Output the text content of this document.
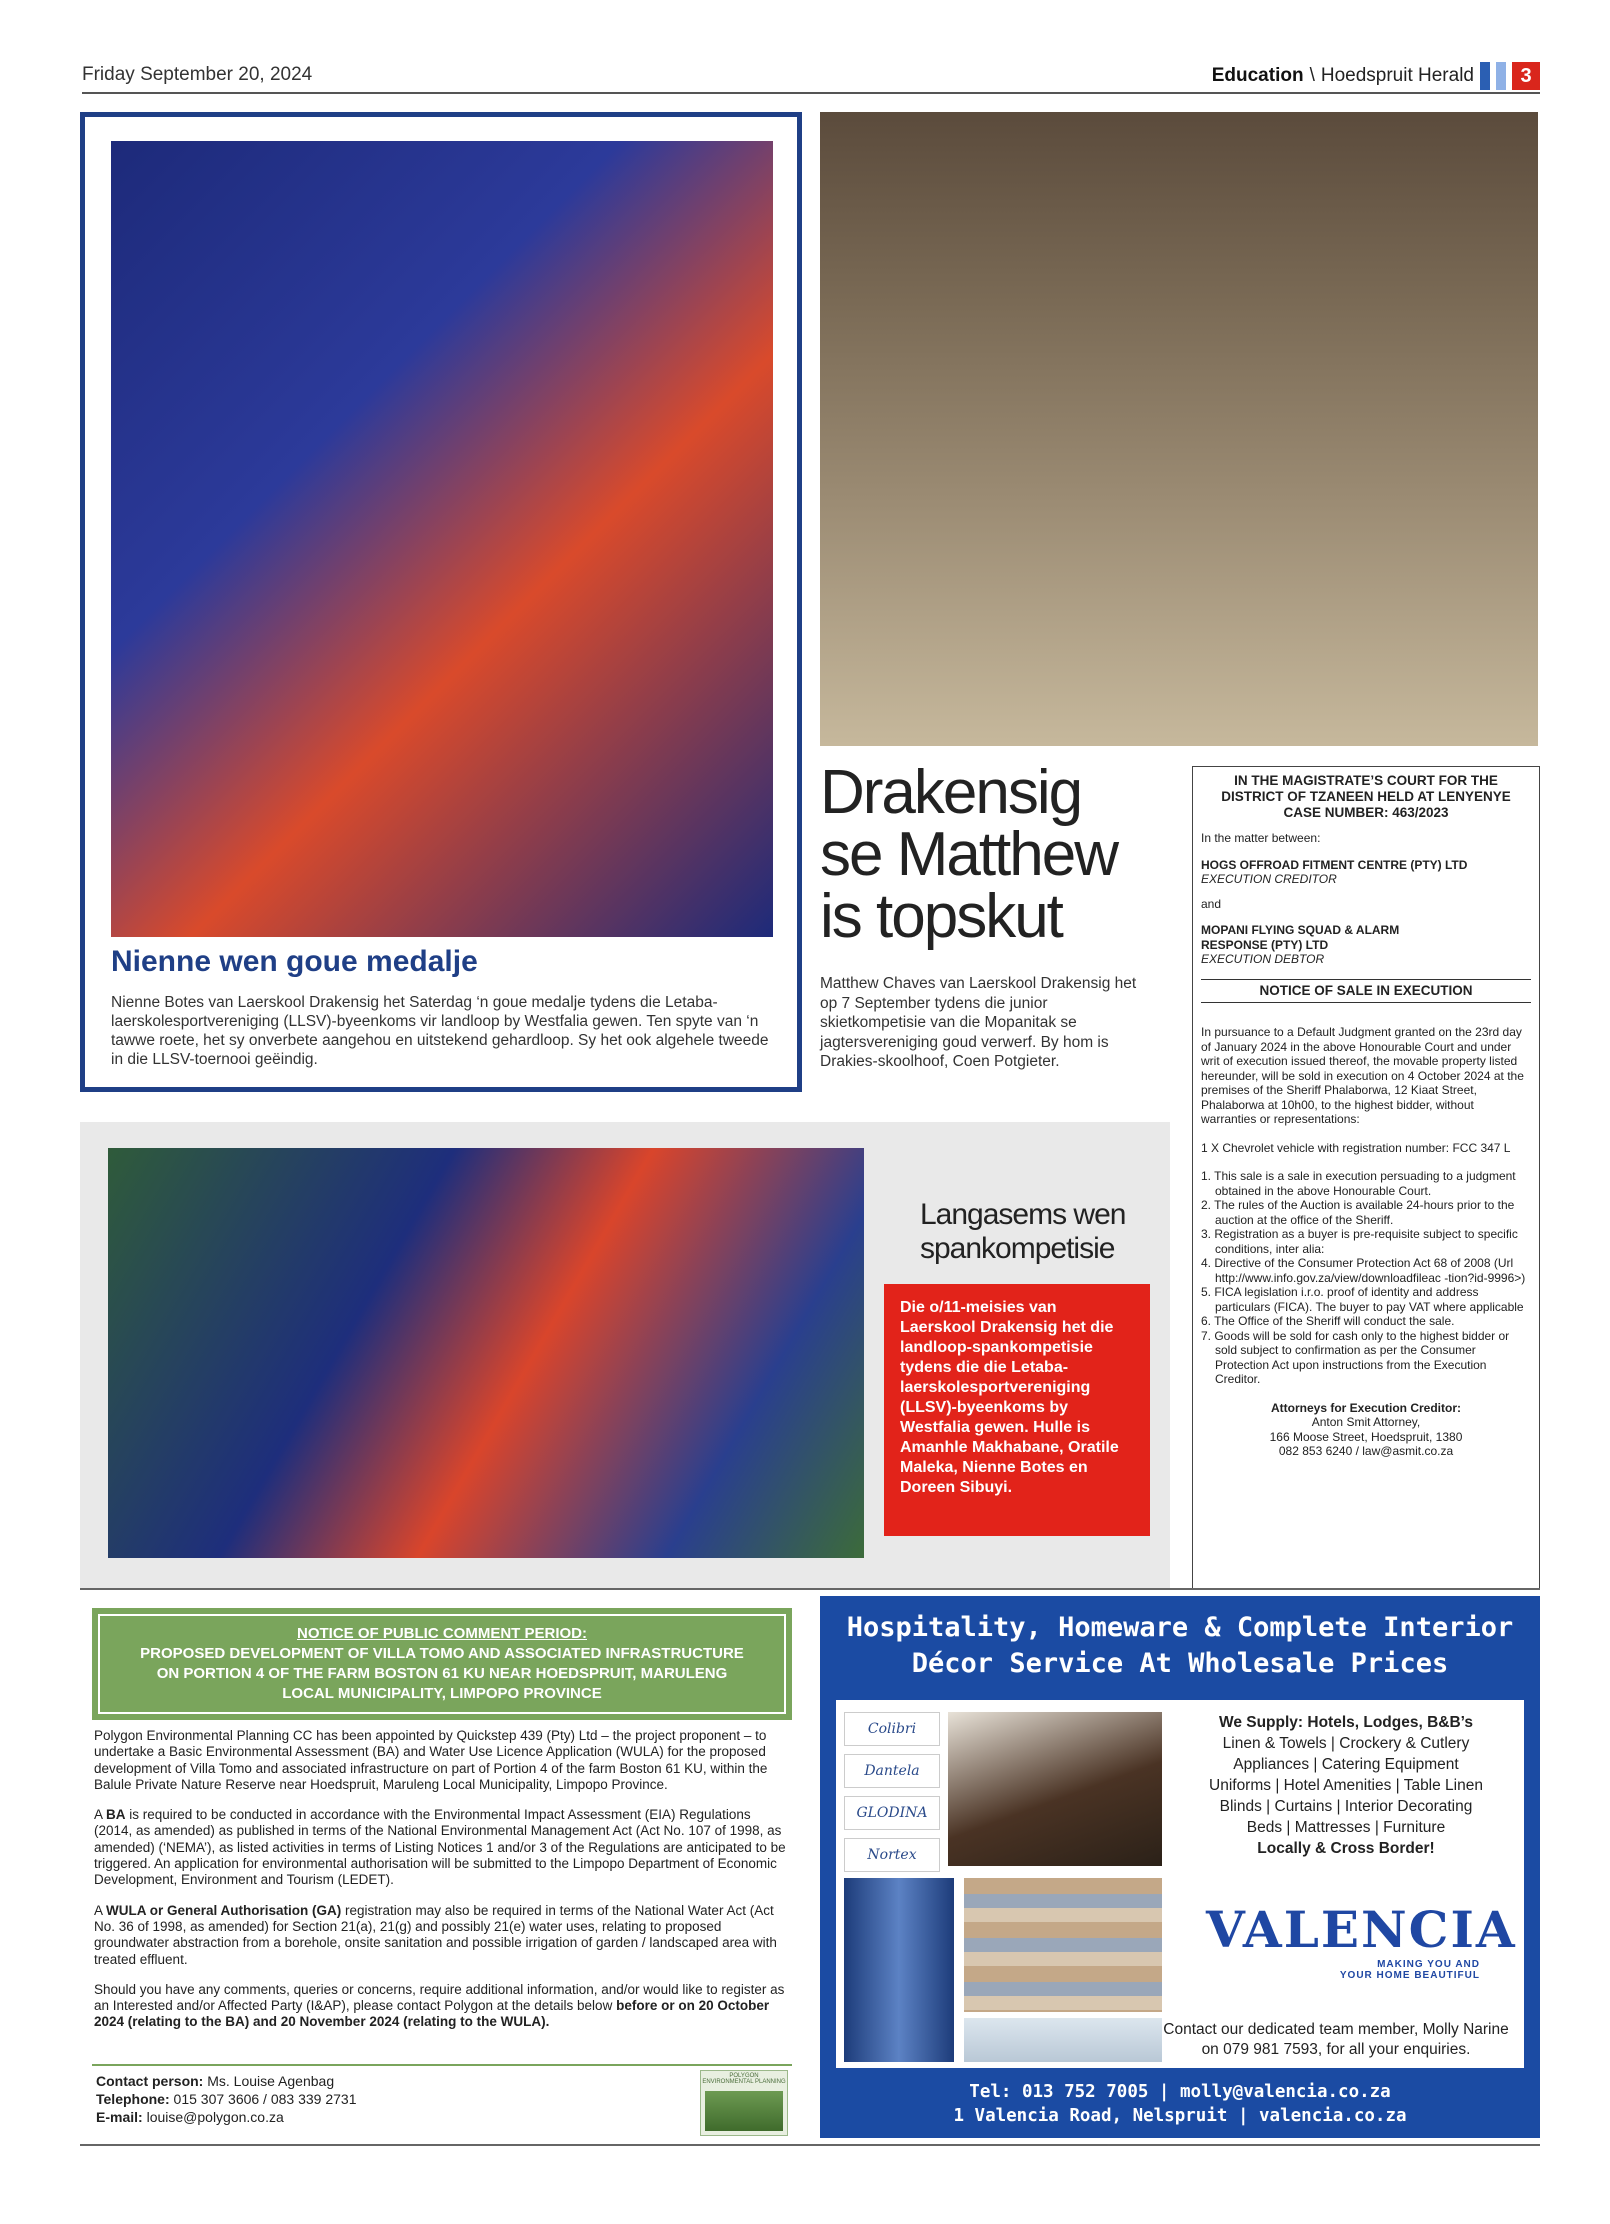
Friday September 20, 2024	Education \ Hoedspruit Herald	3
Nienne wen goue medalje
Nienne Botes van Laerskool Drakensig het Saterdag ‘n goue medalje tydens die Letaba-laerskolesportvereniging (LLSV)-byeenkoms vir landloop by Westfalia gewen. Ten spyte van ‘n tawwe roete, het sy onverbete aangehou en uitstekend gehardloop. Sy het ook algehele tweede in die LLSV-toernooi geëindig.
Drakensig
se Matthew
is topskut
Matthew Chaves van Laerskool Drakensig het op 7 September tydens die junior skietkompetisie van die Mopanitak se jagtersvereniging goud verwerf. By hom is Drakies-skoolhoof, Coen Potgieter.
IN THE MAGISTRATE’S COURT FOR THE
DISTRICT OF TZANEEN HELD AT LENYENYE
CASE NUMBER: 463/2023
In the matter between:
HOGS OFFROAD FITMENT CENTRE (PTY) LTD
EXECUTION CREDITOR
and
MOPANI FLYING SQUAD & ALARM
RESPONSE (PTY) LTD
EXECUTION DEBTOR
NOTICE OF SALE IN EXECUTION
In pursuance to a Default Judgment granted on the 23rd day of January 2024 in the above Honourable Court and under writ of execution issued thereof, the movable property listed hereunder, will be sold in execution on 4 October 2024 at the premises of the Sheriff Phalaborwa, 12 Kiaat Street, Phalaborwa at 10h00, to the highest bidder, without warranties or representations:
1 X Chevrolet vehicle with registration number: FCC 347 L
1. This sale is a sale in execution persuading to a judgment obtained in the above Honourable Court.
2. The rules of the Auction is available 24-hours prior to the auction at the office of the Sheriff.
3. Registration as a buyer is pre-requisite subject to specific conditions, inter alia:
4. Directive of the Consumer Protection Act 68 of 2008 (Url http://www.info.gov.za/view/downloadfileac -tion?id-9996>)
5. FICA legislation i.r.o. proof of identity and address particulars (FICA). The buyer to pay VAT where applicable
6. The Office of the Sheriff will conduct the sale.
7. Goods will be sold for cash only to the highest bidder or sold subject to confirmation as per the Consumer Protection Act upon instructions from the Execution Creditor.
Attorneys for Execution Creditor:
Anton Smit Attorney,
166 Moose Street, Hoedspruit, 1380
082 853 6240 / law@asmit.co.za
Langasems wen
spankompetisie
Die o/11-meisies van Laerskool Drakensig het die landloop-spankompetisie tydens die die Letaba-laerskolesportvereniging (LLSV)-byeenkoms by Westfalia gewen. Hulle is Amanhle Makhabane, Oratile Maleka, Nienne Botes en Doreen Sibuyi.
NOTICE OF PUBLIC COMMENT PERIOD:
PROPOSED DEVELOPMENT OF VILLA TOMO AND ASSOCIATED INFRASTRUCTURE
ON PORTION 4 OF THE FARM BOSTON 61 KU NEAR HOEDSPRUIT, MARULENG
LOCAL MUNICIPALITY, LIMPOPO PROVINCE

Polygon Environmental Planning CC has been appointed by Quickstep 439 (Pty) Ltd – the project proponent – to undertake a Basic Environmental Assessment (BA) and Water Use Licence Application (WULA) for the proposed development of Villa Tomo and associated infrastructure on part of Portion 4 of the farm Boston 61 KU, within the Balule Private Nature Reserve near Hoedspruit, Maruleng Local Municipality, Limpopo Province.

A BA is required to be conducted in accordance with the Environmental Impact Assessment (EIA) Regulations (2014, as amended) as published in terms of the National Environmental Management Act (Act No. 107 of 1998, as amended) (‘NEMA’), as listed activities in terms of Listing Notices 1 and/or 3 of the Regulations are anticipated to be triggered. An application for environmental authorisation will be submitted to the Limpopo Department of Economic Development, Environment and Tourism (LEDET).

A WULA or General Authorisation (GA) registration may also be required in terms of the National Water Act (Act No. 36 of 1998, as amended) for Section 21(a), 21(g) and possibly 21(e) water uses, relating to proposed groundwater abstraction from a borehole, onsite sanitation and possible irrigation of garden / landscaped area with treated effluent.

Should you have any comments, queries or concerns, require additional information, and/or would like to register as an Interested and/or Affected Party (I&AP), please contact Polygon at the details below before or on 20 October 2024 (relating to the BA) and 20 November 2024 (relating to the WULA).

Contact person: Ms. Louise Agenbag
Telephone: 015 307 3606 / 083 339 2731
E-mail: louise@polygon.co.za
POLYGON
ENVIRONMENTAL PLANNING
Hospitality, Homeware & Complete Interior
Décor Service At Wholesale Prices
Colibri
Dantela
GLODINA
Nortex
We Supply: Hotels, Lodges, B&B’s
Linen & Towels | Crockery & Cutlery
Appliances | Catering Equipment
Uniforms | Hotel Amenities | Table Linen
Blinds | Curtains | Interior Decorating
Beds | Mattresses | Furniture
Locally & Cross Border!
VALENCIA
MAKING YOU AND
YOUR HOME BEAUTIFUL
Contact our dedicated team member, Molly Narine
on 079 981 7593, for all your enquiries.
Tel: 013 752 7005 | molly@valencia.co.za
1 Valencia Road, Nelspruit | valencia.co.za
